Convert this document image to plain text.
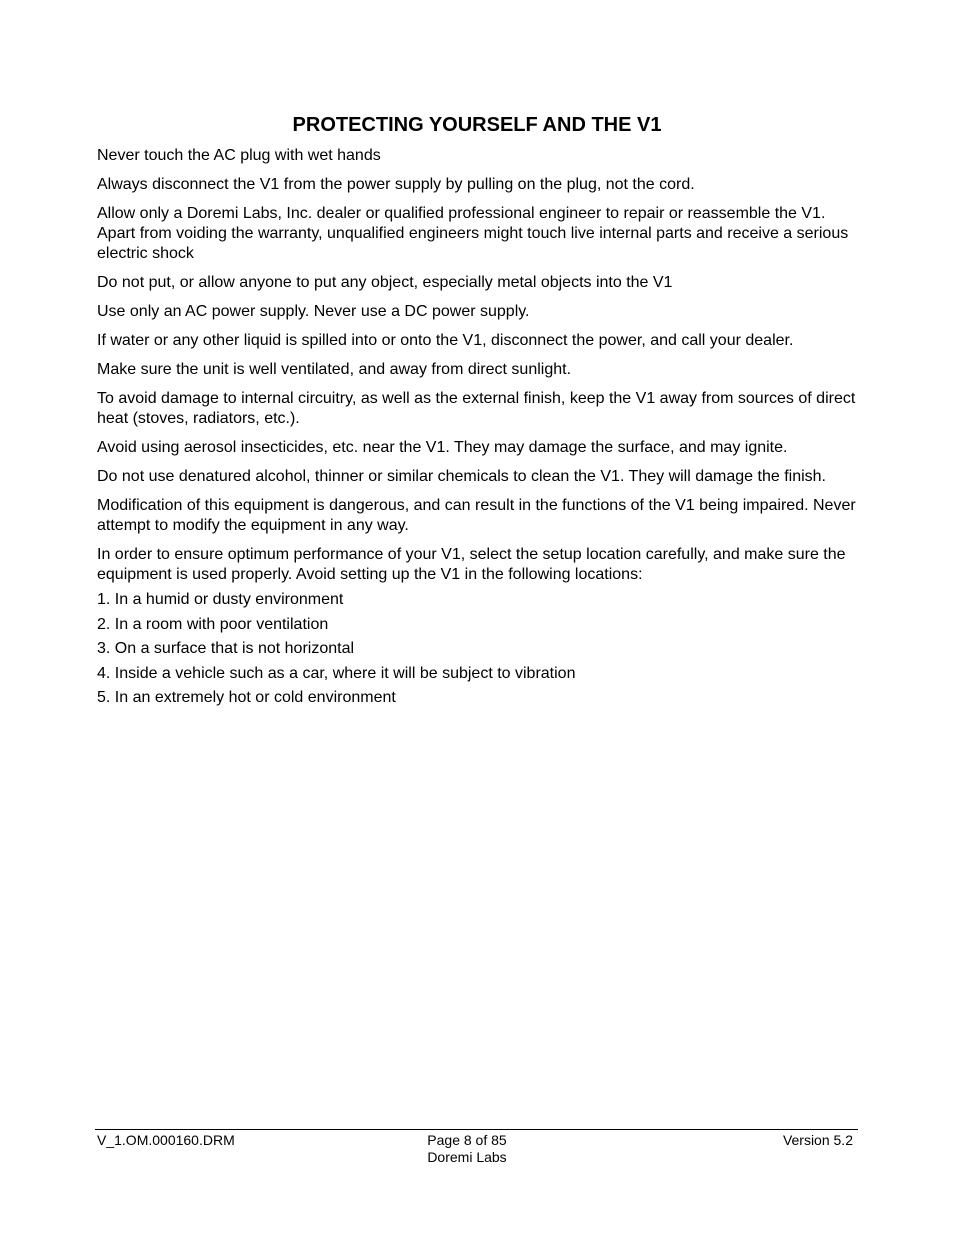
PROTECTING YOURSELF AND THE V1

Never touch the AC plug with wet hands

Always disconnect the V1 from the power supply by pulling on the plug, not the cord.

Allow only a Doremi Labs, Inc. dealer or qualified professional engineer to repair or reassemble the V1. Apart from voiding the warranty, unqualified engineers might touch live internal parts and receive a serious electric shock

Do not put, or allow anyone to put any object, especially metal objects into the V1

Use only an AC power supply. Never use a DC power supply.

If water or any other liquid is spilled into or onto the V1, disconnect the power, and call your dealer.

Make sure the unit is well ventilated, and away from direct sunlight.

To avoid damage to internal circuitry, as well as the external finish, keep the V1 away from sources of direct heat (stoves, radiators, etc.).

Avoid using aerosol insecticides, etc. near the V1. They may damage the surface, and may ignite.

Do not use denatured alcohol, thinner or similar chemicals to clean the V1. They will damage the finish.

Modification of this equipment is dangerous, and can result in the functions of the V1 being impaired. Never attempt to modify the equipment in any way.

In order to ensure optimum performance of your V1, select the setup location carefully, and make sure the equipment is used properly. Avoid setting up the V1 in the following locations:

1. In a humid or dusty environment
2. In a room with poor ventilation
3. On a surface that is not horizontal
4. Inside a vehicle such as a car, where it will be subject to vibration
5. In an extremely hot or cold environment
V_1.OM.000160.DRM	Page 8 of 85
Doremi Labs
Version 5.2
